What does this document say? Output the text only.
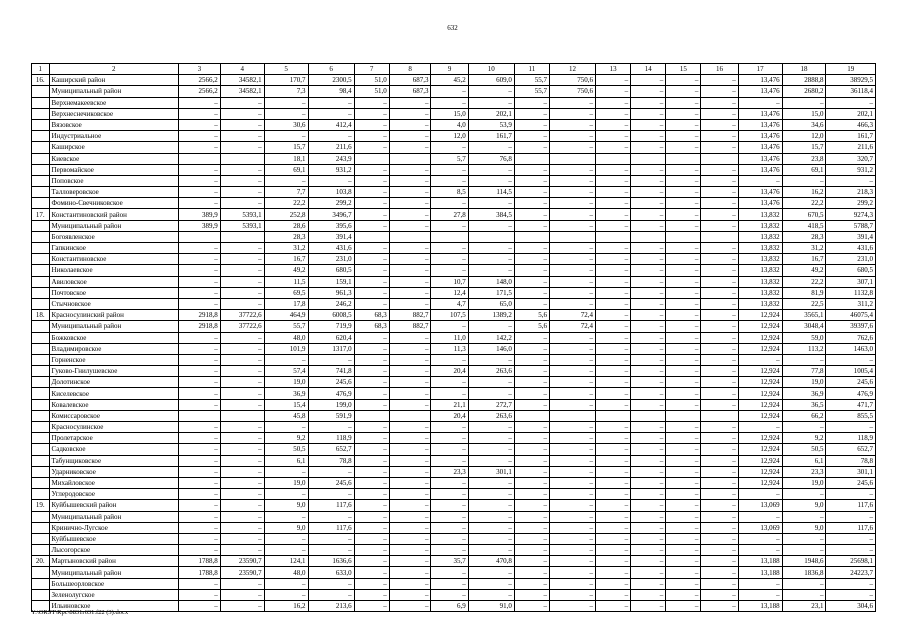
632
1	2	3	4	5	6	7	8	9	10	11	12	13	14	15	16	17	18	19
16.	Каширский район	2566,2	34582,1	170,7	2300,5	51,0	687,3	45,2	609,0	55,7	750,6	–	–	–	–	13,476	2888,8	38929,5
	Муниципальный район	2566,2	34582,1	7,3	98,4	51,0	687,3	–	–	55,7	750,6	–	–	–	–	13,476	2680,2	36118,4
	Верхнемакеевское	–	–	–	–	–	–	–	–	–	–	–	–	–	–	–	–	–
	Верхнеснечиковское	–	–	–	–	–	–	15,0	202,1	–	–	–	–	–	–	13,476	15,0	202,1
	Вязовское	–	–	30,6	412,4	–	–	4,0	53,9	–	–	–	–	–	–	13,476	34,6	466,3
	Индустриальное	–	–	–	–	–	–	12,0	161,7	–	–	–	–	–	–	13,476	12,0	161,7
	Каширское	–	–	15,7	211,6	–	–	–	–	–	–	–	–	–	–	13,476	15,7	211,6
	Киевское			18,1	243,9			5,7	76,8							13,476	23,8	320,7
	Первомайское	–	–	69,1	931,2	–	–	–	–	–	–	–	–	–	–	13,476	69,1	931,2
	Поповское	–	–	–	–	–	–	–	–	–	–	–	–	–	–	–	–	–
	Талловеровское	–	–	7,7	103,8	–	–	8,5	114,5	–	–	–	–	–	–	13,476	16,2	218,3
	Фомино-Свечниковское	–	–	22,2	299,2	–	–	–	–	–	–	–	–	–	–	13,476	22,2	299,2
17.	Константиновский район	389,9	5393,1	252,8	3496,7	–	–	27,8	384,5	–	–	–	–	–	–	13,832	670,5	9274,3
	Муниципальный район	389,9	5393,1	28,6	395,6	–	–	–	–	–	–	–	–	–	–	13,832	418,5	5788,7
	Богоявленское			28,3	391,4											13,832	28,3	391,4
	Гапкинское	–	–	31,2	431,6	–	–	–	–	–	–	–	–	–	–	13,832	31,2	431,6
	Константиновское	–	–	16,7	231,0	–	–	–	–	–	–	–	–	–	–	13,832	16,7	231,0
	Николаевское	–	–	49,2	680,5	–	–	–	–	–	–	–	–	–	–	13,832	49,2	680,5
	Авиловское	–	–	11,5	159,1	–	–	10,7	148,0	–	–	–	–	–	–	13,832	22,2	307,1
	Почтовское	–	–	69,5	961,3	–	–	12,4	171,5	–	–	–	–	–	–	13,832	81,9	1132,8
	Стычновское	–	–	17,8	246,2	–	–	4,7	65,0	–	–	–	–	–	–	13,832	22,5	311,2
18.	Красносулинский район	2918,8	37722,6	464,9	6008,5	68,3	882,7	107,5	1389,2	5,6	72,4	–	–	–	–	12,924	3565,1	46075,4
	Муниципальный район	2918,8	37722,6	55,7	719,9	68,3	882,7	–	–	5,6	72,4	–	–	–	–	12,924	3048,4	39397,6
	Божковское	–	–	48,0	620,4	–	–	11,0	142,2	–	–	–	–	–	–	12,924	59,0	762,6
	Владимировское	–	–	101,9	1317,0	–	–	11,3	146,0	–	–	–	–	–	–	12,924	113,2	1463,0
	Горненское	–	–	–	–	–	–	–	–	–	–	–	–	–	–	–	–	–
	Гуково-Гнилушевское	–	–	57,4	741,8	–	–	20,4	263,6	–	–	–	–	–	–	12,924	77,8	1005,4
	Долотинское	–	–	19,0	245,6	–	–	–	–	–	–	–	–	–	–	12,924	19,0	245,6
	Киселевское	–	–	36,9	476,9	–	–	–	–	–	–	–	–	–	–	12,924	36,9	476,9
	Ковалевское	–	–	15,4	199,0	–	–	21,1	272,7	–	–	–	–	–	–	12,924	36,5	471,7
	Комиссаровское			45,8	591,9			20,4	263,6							12,924	66,2	855,5
	Красносулинское	–	–	–	–	–	–	–	–	–	–	–	–	–	–	–	–	–
	Пролетарское	–	–	9,2	118,9	–	–	–	–	–	–	–	–	–	–	12,924	9,2	118,9
	Садковское	–	–	50,5	652,7	–	–	–	–	–	–	–	–	–	–	12,924	50,5	652,7
	Табунщиковское	–	–	6,1	78,8	–	–	–	–	–	–	–	–	–	–	12,924	6,1	78,8
	Ударниковское	–	–	–	–	–	–	23,3	301,1	–	–	–	–	–	–	12,924	23,3	301,1
	Михайловское	–	–	19,0	245,6	–	–	–	–	–	–	–	–	–	–	12,924	19,0	245,6
	Углеродовское	–	–	–	–	–	–	–	–	–	–	–	–	–	–	–	–	–
19.	Куйбышевский район	–	–	9,0	117,6	–	–	–	–	–	–	–	–	–	–	13,069	9,0	117,6
	Муниципальный район	–	–	–	–	–	–	–	–	–	–	–	–	–	–	–	–	–
	Кринично-Лугское	–	–	9,0	117,6	–	–	–	–	–	–	–	–	–	–	13,069	9,0	117,6
	Куйбышевское	–	–	–	–	–	–	–	–	–	–	–	–	–	–	–	–	–
	Лысогорское	–	–	–	–	–	–	–	–	–	–	–	–	–	–	–	–	–
20.	Мартыновский район	1788,8	23590,7	124,1	1636,6	–	–	35,7	470,8	–	–	–	–	–	–	13,188	1948,6	25698,1
	Муниципальный район	1788,8	23590,7	48,0	633,0	–	–	–	–	–	–	–	–	–	–	13,188	1836,8	24223,7
	Большеорловское	–	–	–	–	–	–	–	–	–	–	–	–	–	–	–	–	–
	Зеленолугское	–	–	–	–	–	–	–	–	–	–	–	–	–	–	–	–	–
	Ильиновское	–	–	16,2	213,6	–	–	6,9	91,0	–	–	–	–	–	–	13,188	23,1	304,6
Y:\ORST\Rpc\0831r631.f22 (3).docx
